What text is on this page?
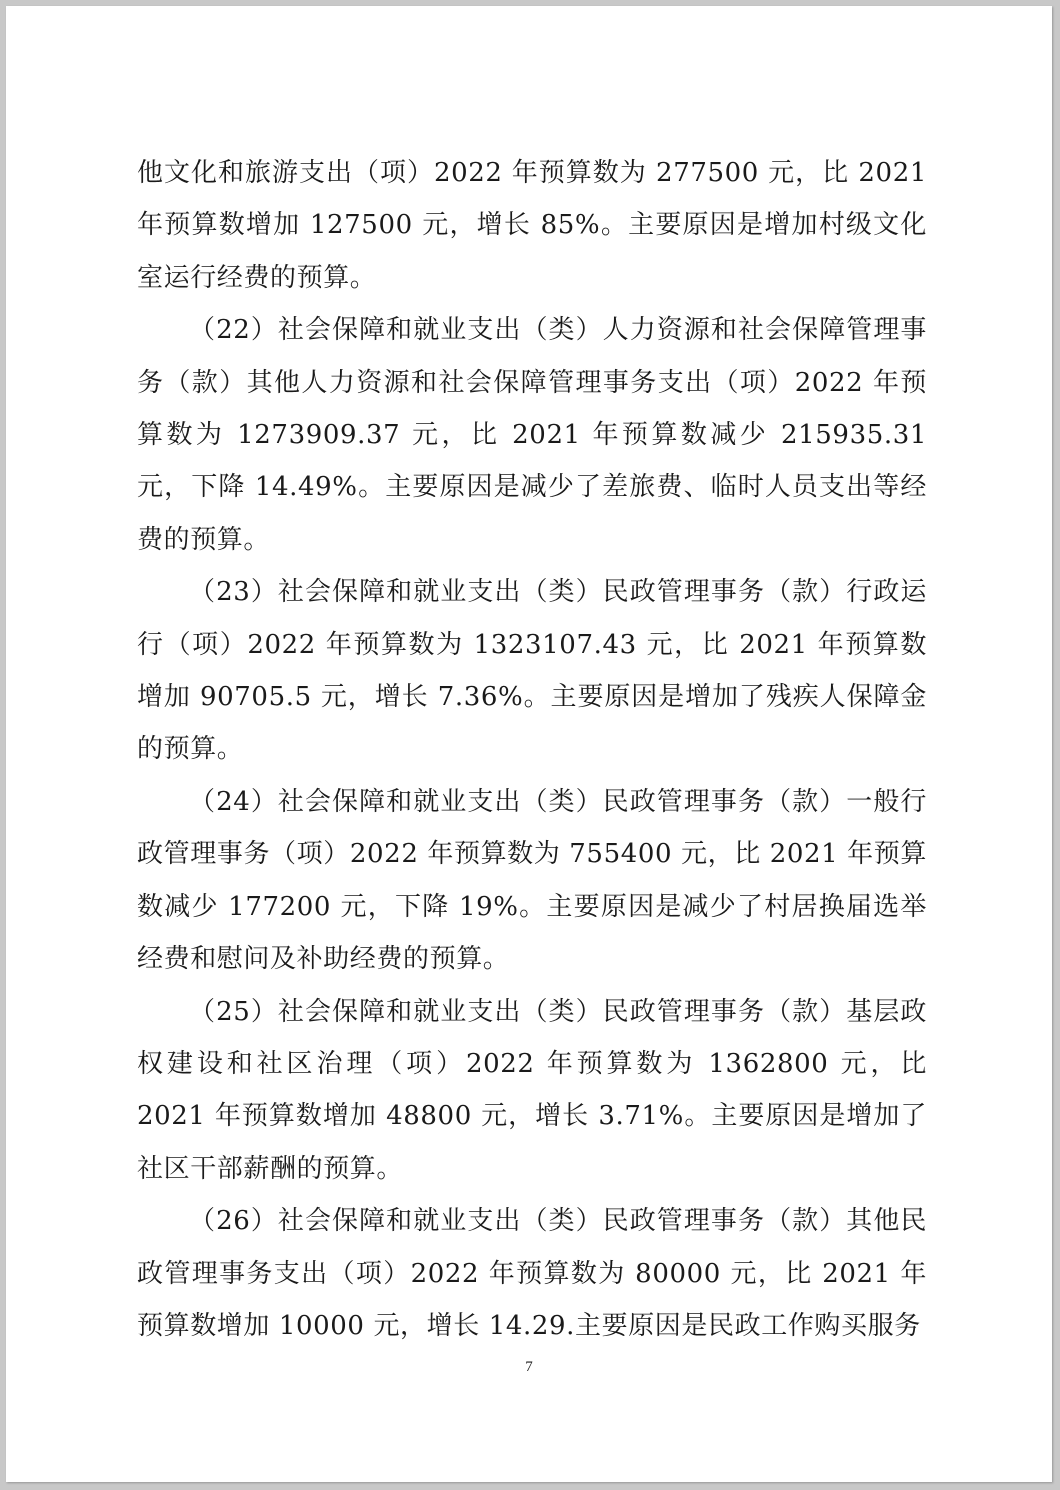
他文化和旅游支出（项）2022 年预算数为 277500 元，比 2021 年预算数增加 127500 元，增长 85%。主要原因是增加村级文化室运行经费的预算。

（22）社会保障和就业支出（类）人力资源和社会保障管理事务（款）其他人力资源和社会保障管理事务支出（项）2022 年预算数为 1273909.37 元，比 2021 年预算数减少 215935.31 元，下降 14.49%。主要原因是减少了差旅费、临时人员支出等经费的预算。

（23）社会保障和就业支出（类）民政管理事务（款）行政运行（项）2022 年预算数为 1323107.43 元，比 2021 年预算数增加 90705.5 元，增长 7.36%。主要原因是增加了残疾人保障金的预算。

（24）社会保障和就业支出（类）民政管理事务（款）一般行政管理事务（项）2022 年预算数为 755400 元，比 2021 年预算数减少 177200 元，下降 19%。主要原因是减少了村居换届选举经费和慰问及补助经费的预算。

（25）社会保障和就业支出（类）民政管理事务（款）基层政权建设和社区治理（项）2022 年预算数为 1362800 元，比 2021 年预算数增加 48800 元，增长 3.71%。主要原因是增加了社区干部薪酬的预算。

（26）社会保障和就业支出（类）民政管理事务（款）其他民政管理事务支出（项）2022 年预算数为 80000 元，比 2021 年预算数增加 10000 元，增长 14.29.主要原因是民政工作购买服务

7
